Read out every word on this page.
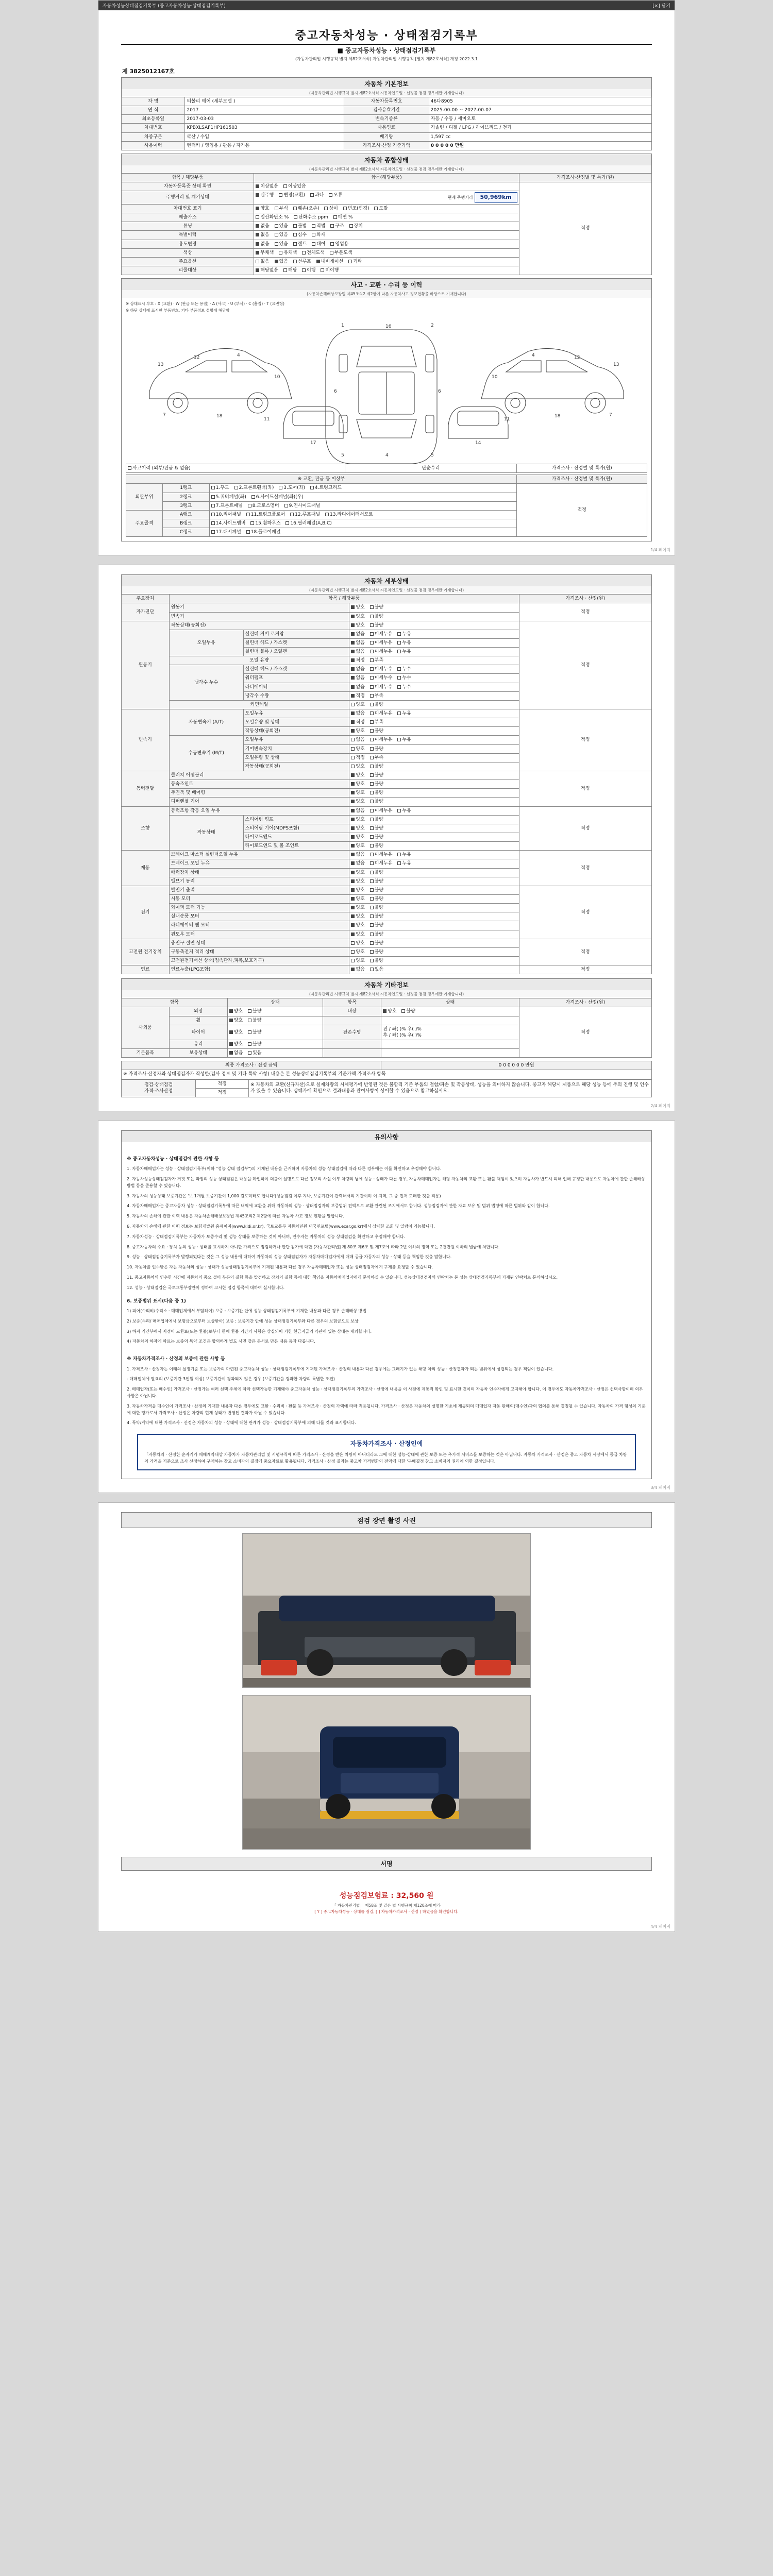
자동차성능상태점검기록부 (중고자동차성능·상태점검기록부)	[×] 닫기
중고자동차성능 · 상태점검기록부
■ 중고자동차성능 · 상태점검기록부
(자동차관리법 시행규칙 별지 제82호서식) 자동차관리법 시행규칙 [별지 제82호서식] 개정 2022.3.1
제 3825012167호
자동차 기본정보
(자동차관리법 시행규칙 별지 제82호서식 자동차인도일 · 선정물 점검 경우에만 기재합니다)
차 명	티볼리 에어 (세부모델 )	자동차등록번호	46다8905
연 식	2017	검사유효기간	2025-00-00 ~ 2027-00-07
최초등록일	2017-03-03	변속기종류	자동 / 수동 / 세미오토
차대번호	KPBXLSAF1HP161503	사용연료	가솔린 / 디젤 / LPG / 하이브리드 / 전기
차종구분	국산 / 수입	배기량	1,597 cc
사용이력	렌터카 / 영업용 / 관용 / 자가용	가격조사·산정 기준가액	0 0 0 0 0 만원
자동차 종합상태
(자동차관리법 시행규칙 별지 제82호서식 자동차인도일 · 선정물 점검 경우에만 기재합니다)
항목 / 해당부품	항목(해당부품)	가격조사·산정별 및 특가(원)
자동차등록증 상태 확인	이상없음 이상있음	적정
주행거리 및 계기상태	실주행 변경(교환) 과다 오류 현재 주행거리 50,969km	

차대번호 표기	양호 부식 훼손(오손) 상이 변조(변경) 도말	
배출가스	일산화탄소 % 탄화수소 ppm 매연 %	
튜닝	없음 있음 불법 적법 구조 장치	
특별이력	없음 있음 침수 화재	
용도변경	없음 있음 렌트 대여 영업용	
색상	무채색 유채색 전체도색 부분도색	
주요옵션	없음 있음 선루프 내비게이션 기타	
리콜대상	해당없음 해당 이행 미이행	
사고 · 교환 · 수리 등 이력
(자동차손해배상보장법 제45조의2 제2항에 따른 자동차사고 정보현황을 바탕으로 기재합니다)
※ 상태표시 부호 : X (교환) · W (판금 또는 용접) · A (사고) · U (부식) · C (흠집) · T (요변형)
※ 하단 상태에 표시한 부품번호, 기타 부품정보 설명에 해당함
13
12	4
10
7	18
11
1	16	2
6	6
5	4	5
13
12
4
10
7
18
11
17	14
사고이력 (외부/판금 & 없음)	단순수리	가격조사 · 산정별 및 특가(원)
※ 교환, 판금 등 이상부			가격조사 · 산정별 및 특가(원)
외판부위	1랭크	1.후드 2.프론트휀더(좌) 3.도어(좌) 4.트렁크리드	적정
	2랭크	5.쿼터패널(좌) 6.사이드실패널(좌)(우)	
	3랭크	7.프론트패널 8.크로스멤버 9.인사이드패널	
주요골격	A랭크	10.리어패널 11.트렁크플로어 12.루프패널 13.라디에이터서포트	
	B랭크	14.사이드멤버 15.휠하우스 16.필러패널(A,B,C)	
	C랭크	17.대시패널 18.플로어패널	
1/4 페이지
자동차 세부상태
(자동차관리법 시행규칙 별지 제82호서식 자동차인도일 · 선정물 점검 경우에만 기재합니다)
주요장치	항목 / 해당부품			가격조사 · 산정(원)
자가진단	원동기		양호 불량	적정
	변속기		양호 불량	
원동기	작동상태(공회전)		양호 불량	적정
	오일누유	실린더 커버 로커암	없음 미세누유 누유	
		실린더 헤드 / 가스켓	없음 미세누유 누유	
		실린더 블록 / 오일팬	없음 미세누유 누유	
	오일 유량		적정 부족	
	냉각수 누수	실린더 헤드 / 가스켓	없음 미세누수 누수	
		워터펌프	없음 미세누수 누수	
		라디에이터	없음 미세누수 누수	
		냉각수 수량	적정 부족	
	커먼레일		양호 불량	
변속기	자동변속기 (A/T)	오일누유	없음 미세누유 누유	적정
		오일유량 및 상태	적정 부족	
		작동상태(공회전)	양호 불량	
	수동변속기 (M/T)	오일누유	없음 미세누유 누유	
		기어변속장치	양호 불량	
		오일유량 및 상태	적정 부족	
		작동상태(공회전)	양호 불량	
동력전달	클러치 어셈블리		양호 불량	적정
	등속조인트		양호 불량	
	추진축 및 베어링		양호 불량	
	디퍼렌셜 기어		양호 불량	
조향	동력조향 작동 오일 누유		없음 미세누유 누유	적정
	작동상태	스티어링 펌프	양호 불량	
		스티어링 기어(MDPS포함)	양호 불량	
		타이로드엔드	양호 불량	
		타이로드엔드 및 볼 조인트	양호 불량	
제동	브레이크 마스터 실린더오일 누유		없음 미세누유 누유	적정
	브레이크 오일 누유		없음 미세누유 누유	
	배력장치 상태		양호 불량	
	밸브기 동력		양호 불량	
전기	발전기 출력		양호 불량	적정
	시동 모터		양호 불량	
	와이퍼 모터 기능		양호 불량	
	실내송풍 모터		양호 불량	
	라디에이터 팬 모터		양호 불량	
	윈도우 모터		양호 불량	
고전원 전기장치	충전구 절연 상태		양호 불량	적정
	구동축전지 격리 상태		양호 불량	
	고전원전기배선 상태(접속단자,피복,보호기구)		양호 불량	
연료	연료누출(LPG포함)		없음 있음	적정
자동차 기타정보
(자동차관리법 시행규칙 별지 제82호서식 자동차인도일 · 선정물 점검 경우에만 기재합니다)
항목		상태	항목	상태	가격조사 · 산정(원)
사외품	외장	양호 불량	내장	양호 불량	적정
	휠	양호 불량			
	타이어	양호 불량	잔존수명	전 / 좌( )% 우( )%
후 / 좌( )% 우( )%	

	유리	양호 불량			
기본품목	보유상태	없음 있음			
최종 가격조사 · 산정 금액	0 0 0 0 0 0 만원
※ 가격조사·산정자와 상태점검자가 작성한(검사 정보 및 기타 특약 사항) 내용은 본 성능상태점검기록부의 기준가액 가격조사 항목
점검·상태점검
가격·조사산정
	적정	※ 자동차의 교환(신규자산)으로 실제차량의 시세평가에 반영된 것은 불합격 기준 부품의 결함/파손 및 작동상태, 성능을 의미하지 않습니다. 중고자 해당시 제품으로 해당 성능 등에 주의 진행 및 인수가 있을 수 있습니다. 상태가에 확인으로 결과내용과 관여사항이 상이할 수 있음으로 참고하십시오.
적정
2/4 페이지
유의사항
※ 중고자동차성능 · 상태점검에 관한 사항 등

1. 자동차매매업자는 성능 · 상태점검기록부(이하 "성능 상태 점검부")의 기재된 내용을 근거하여 자동차의 성능 상태점검에 따라 다른 경우에는 이를 확인하고 추정해야 합니다.

2. 자동차성능상태점검자가 거짓 또는 과장의 성능 상태점검은 내용을 확인하여 더불어 설명으로 다른 정보의 사실 여부 차량의 남에 성능 · 상태가 다른 경우, 자동차매매업자는 해당 자동차의 교환 또는 환불 책임이 있으며 자동차가 반드시 피해 인해 규정한 내용으로 자동차에 관한 손해배상 방법 등을 준용할 수 있습니다.

3. 자동차의 성능상태 보증기간은 '보 1개월 보증기간이 1,000 킬로미터로 합니다'(성능점검 이후 지나, 보증기간이 간력해서의 기간이며 이 지역, 그 중 먼저 도래한 것을 적용)

4. 자동차매매업자는 중고자동차 성능 · 상태점검기록부에 따른 내역에 교환을 위해 자동차의 성능 · 상태점검자의 보증범위 전액으로 교환 관련된 조치에서도 합니다. 성능점검자에 관한 자료 보유 및 범위 법령에 따른 범위와 같이 합니다.

5. 자동차의 손해에 관한 이력 내용은 자동차손해배상보장법 제45조의2 제2항에 따른 자동차 사고 정보 현황을 말합니다.

6. 자동차의 손해에 관한 이력 정보는 보험개발원 홈페이지(www.kidi.or.kr), 국토교통부 자동차민원 대국민포털(www.ecar.go.kr)에서 상세한 조회 및 열람이 가능합니다.

7. 자동차성능 · 상태점검기록부는 자동차가 보증수리 및 성능 상태를 보증하는 것이 아니며, 인수자는 자동차의 성능 상태점검을 확인하고 추정해야 합니다.

8. 중고자동차의 주요 · 장치 등의 성능 · 상태를 표시하지 아니한 가격으로 점검하거나 판단 감가에 대한 [자동차관리법] 제 80조 제6조 및 제7호에 따라 2년 이하의 징역 또는 2천만원 이하의 벌금에 처합니다.

9. 성능 · 상태점검을기록부가 발행되었다는 것은 그 성능 내용에 대하여 자동차의 성능 상태점검자가 자동차매매업자에게 매매 공급 자동차의 성능 · 상태 등을 책임한 것을 말합니다.

10. 자동차를 인수받은 자는 자동차의 성능 · 상태가 성능상태점검기록부에 기재된 내용과 다른 경우 자동차매매업자 또는 성능 상태점검자에게 구제를 요청할 수 있습니다.

11. 중고자동차의 인수한 시간에 자동차의 중요 설비 부분의 결함 등을 발견하고 장치의 결함 등에 대한 책임을 자동차매매업자에게 문의하실 수 있습니다. 성능상태점검자의 연락처는 본 성능 상태점검기록부에 기재된 연락처로 문의하십시오.

12. 성능 · 상태점검은 국토교통부장관이 정하여 고시한 점검 항목에 대하여 실시합니다.

6. 보증범위 표시(다음 중 1)

1) 피어(수리비/수리소 · 매매업체에서 부담하여) 보증 : 보증기간 안에 성능 상태점검기록부에 기재한 내용과 다른 경우 손해배상 방법

2) 보증(수리/ 매매업체에서 보험금으로부터 보상받아) 보증 : 보증기간 안에 성능 상태점검기록부와 다른 경우의 보험금으로 보상

3) 하자 기간부에서 지정이 교환료(또는 환불)로부터 한에 환불 기간의 사항은 상실되어 기한 현금지급의 약관에 있는 상태는 제외합니다.

4) 자동차의 하자에 따르는 보증의 특약 조건은 합의하게 별도 서면 같은 문서로 만든 내용 등과 다릅니다.

※ 자동차가격조사 · 산정의 보증에 관한 사항 등

1. 가격조사 · 산정자는 이래의 설정기준 또는 보증가의 마련된 중고자동차 성능 · 상태점검기록부에 기재된 가격조사 · 산정의 내용과 다른 경우에는 그래기가 없는 해당 차의 성능 · 산정결과가 되는 범위에서 성립되는 경우 책임이 있습니다.

- 매매업체에 필요의 (보증기간 3인월 이상) 보증기간이 경과되지 않은 경우 (보증기간을 경과한 차량의 특별한 조건)

2. 매매업자(또는 매수인) 가격조사 · 산정가는 여러 선택 주체에 따라 선택가능한 기재돼야 중고자동차 성능 · 상태점검기록부의 가격조사 · 산정에 내용을 이 사전에 계통적 확인 및 표시한 것이며 자동차 인수자에게 고지해야 합니다. 이 경우에도 자동차가격조사 · 산정은 선택사항이며 의무사항은 아닙니다.

3. 자동차가격을 매수인이 가격조사 · 산정의 기재한 내용과 다른 경우에도 교환 · 수리비 · 환불 등 가격조사 · 산정의 가액에 따라 적용됩니다. 가격조사 · 산정은 자동차의 설명한 기초에 제공되며 매매업자 자동 판매의(매수인)과의 협의를 통해 결정될 수 있습니다. 자동차의 가격 형성의 기준에 대한 평가로서 가격조사 · 산정은 차량의 현재 상태가 반영된 결과가 아닐 수 있습니다.

4. 특약/계약에 대한 가격조사 · 산정은 자동차의 성능 · 상태에 대한 관계가 성능 · 상태점검기록부에 의해 다를 것과 표시합니다.

자동차가격조사 · 산정인에
「자동차의 · 산정한 순자기가 매매계약대상 자동차가 자동차관리법 및 시행규칙에 따른 가격조사 · 산정을 받은 차량이 아니더라도 그에 대한 성능·상태에 관한 보증 또는 추가적 서비스를 보증하는 것은 아닙니다. 자동차 가격조사 · 산정은 중고 자동차 시장에서 동급 차량의 가격을 기준으로 조사 산정하여 구매하는 참고 소비자의 결정에 중요자료로 활용됩니다. 가격조사 · 산정 결과는 중고차 가격변화의 전액에 대한 '구매결정 참고 소비자의 권리에 의한 결정입니다.
3/4 페이지
점검 장면 촬영 사진
서명
성능점검보험료 : 32,560 원
「 자동차관리법」 제58조 및 같은 법 시행규칙 제120조에 따라
[ Y ] 중고자동차성능 · 상태를 점검, [ ] 자동차가격조사 · 산정 ) 하였음을 확인합니다.
4/4 페이지
